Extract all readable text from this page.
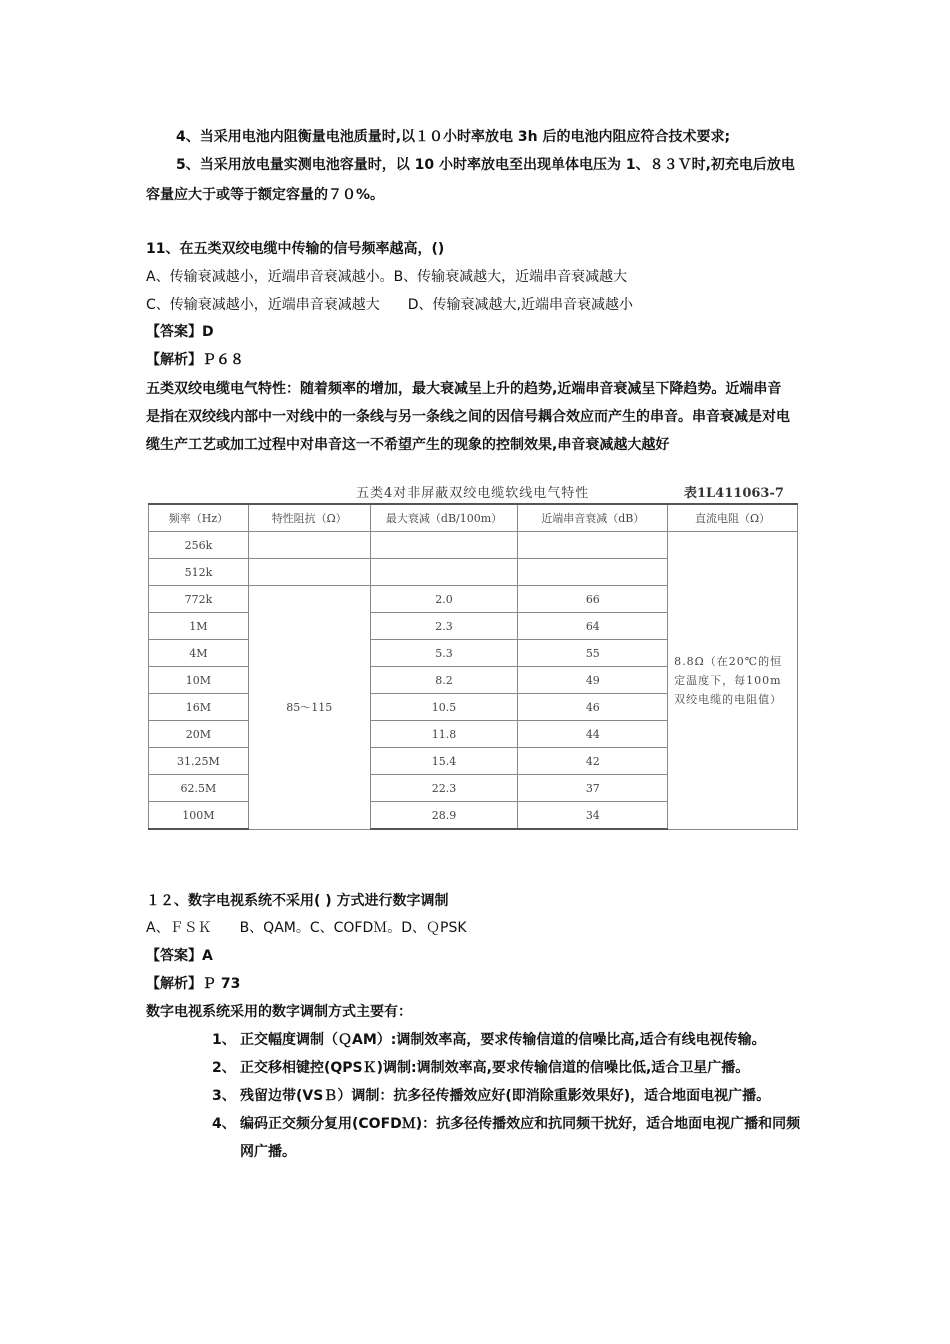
4、当采用电池内阻衡量电池质量时,以１０小时率放电 3h 后的电池内阻应符合技术要求;
5、当采用放电量实测电池容量时，以 10 小时率放电至出现单体电压为 1、８３Ｖ时,初充电后放电
容量应大于或等于额定容量的７０%。
11、在五类双绞电缆中传输的信号频率越高，()
A、传输衰减越小，近端串音衰减越小。B、传输衰减越大，近端串音衰减越大
C、传输衰减越小，近端串音衰减越大　　D、传输衰减越大,近端串音衰减越小
【答案】D
【解析】Ｐ６８
五类双绞电缆电气特性：随着频率的增加，最大衰减呈上升的趋势,近端串音衰减呈下降趋势。近端串音
是指在双绞线内部中一对线中的一条线与另一条线之间的因信号耦合效应而产生的串音。串音衰减是对电
缆生产工艺或加工过程中对串音这一不希望产生的现象的控制效果,串音衰减越大越好
五类4对非屏蔽双绞电缆软线电气特性	表1L411063-7
频率（Hz）	特性阻抗（Ω）	最大衰减（dB/100m）	近端串音衰减（dB）	直流电阻（Ω）
256k				8.8Ω（在20℃的恒定温度下，每100m双绞电缆的电阻值）
512k				
772k	85～115	2.0	66	
1M		2.3	64	
4M		5.3	55	
10M		8.2	49	
16M		10.5	46	
20M		11.8	44	
31.25M		15.4	42	
62.5M		22.3	37	
100M		28.9	34	
１２、数字电视系统不采用( ) 方式进行数字调制
A、ＦＳＫ　　B、QAM。C、COFDＭ。D、ＱPSK
【答案】A
【解析】Ｐ 73
数字电视系统采用的数字调制方式主要有：
1、 正交幅度调制（ＱAM）:调制效率高，要求传输信道的信噪比高,适合有线电视传输。
2、 正交移相键控(QPSＫ)调制:调制效率高,要求传输信道的信噪比低,适合卫星广播。
3、 残留边带(VSＢ）调制：抗多径传播效应好(即消除重影效果好)，适合地面电视广播。
4、 编码正交频分复用(COFDＭ)：抗多径传播效应和抗同频干扰好，适合地面电视广播和同频网广播。
